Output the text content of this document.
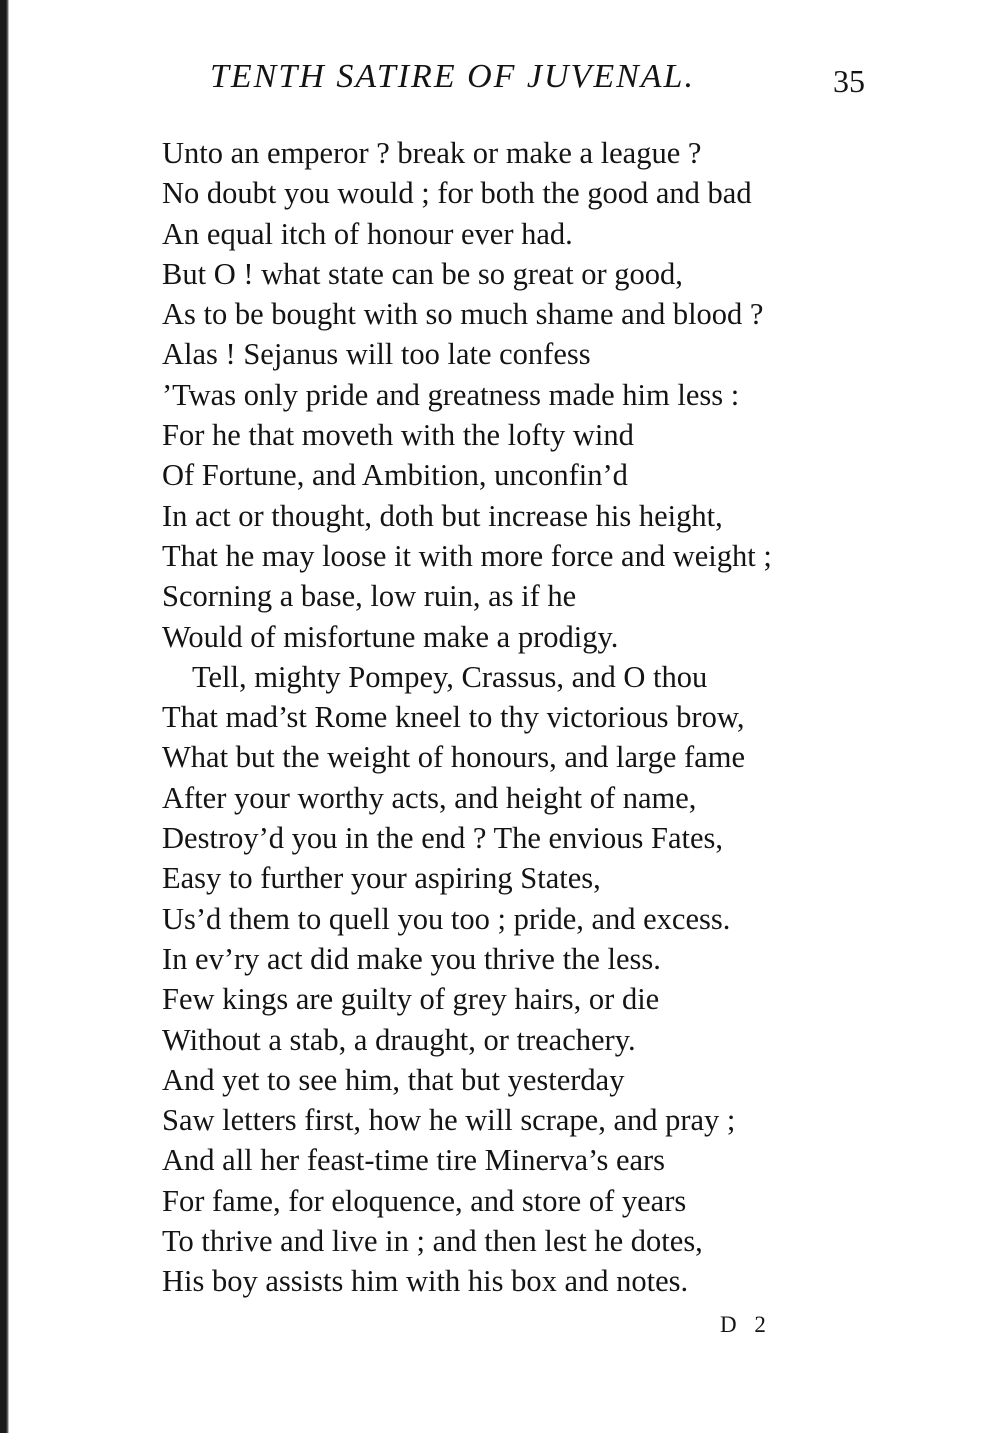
TENTH SATIRE OF JUVENAL.	35
Unto an emperor ? break or make a league ?
No doubt you would ; for both the good and bad
An equal itch of honour ever had.
But O ! what state can be so great or good,
As to be bought with so much shame and blood ?
Alas ! Sejanus will too late confess
’Twas only pride and greatness made him less :
For he that moveth with the lofty wind
Of Fortune, and Ambition, unconfin’d
In act or thought, doth but increase his height,
That he may loose it with more force and weight ;
Scorning a base, low ruin, as if he
Would of misfortune make a prodigy.
Tell, mighty Pompey, Crassus, and O thou
That mad’st Rome kneel to thy victorious brow,
What but the weight of honours, and large fame
After your worthy acts, and height of name,
Destroy’d you in the end ? The envious Fates,
Easy to further your aspiring States,
Us’d them to quell you too ; pride, and excess.
In ev’ry act did make you thrive the less.
Few kings are guilty of grey hairs, or die
Without a stab, a draught, or treachery.
And yet to see him, that but yesterday
Saw letters first, how he will scrape, and pray ;
And all her feast-time tire Minerva’s ears
For fame, for eloquence, and store of years
To thrive and live in ; and then lest he dotes,
His boy assists him with his box and notes.
D 2
